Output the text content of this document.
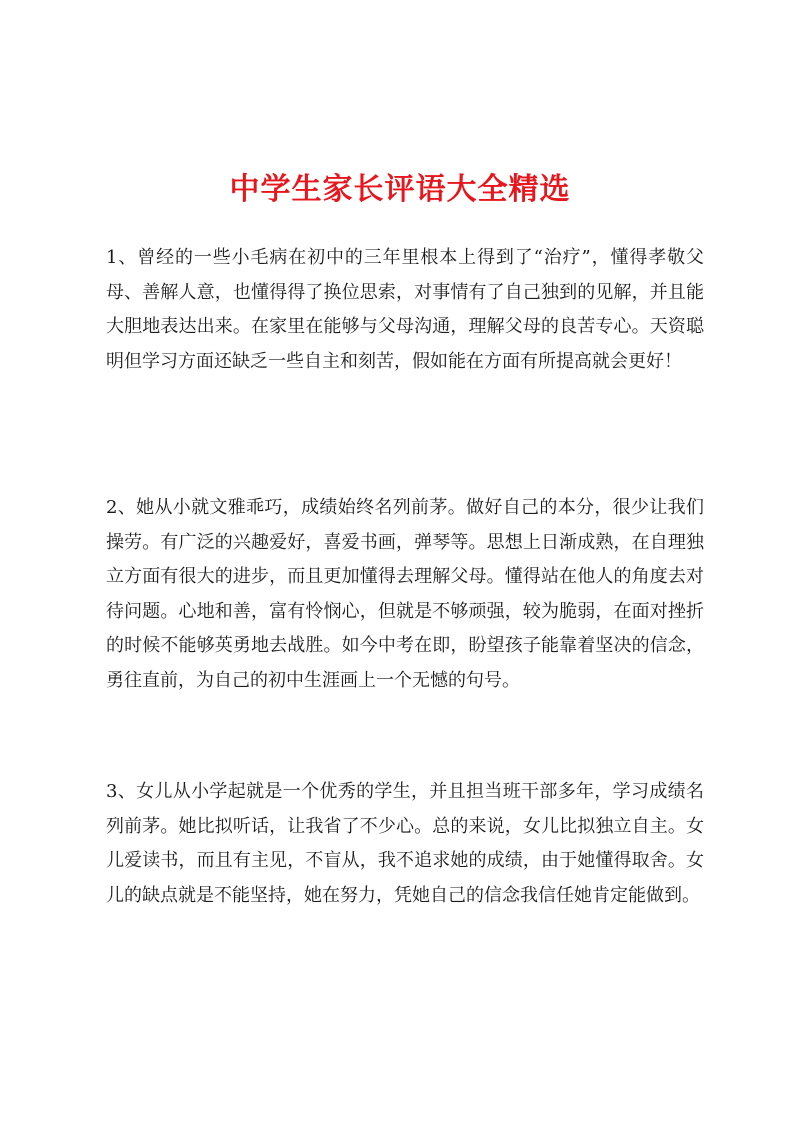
中学生家长评语大全精选

1、曾经的一些小毛病在初中的三年里根本上得到了“治疗”，懂得孝敬父母、善解人意，也懂得得了换位思索，对事情有了自己独到的见解，并且能大胆地表达出来。在家里在能够与父母沟通，理解父母的良苦专心。天资聪明但学习方面还缺乏一些自主和刻苦，假如能在方面有所提高就会更好！

2、她从小就文雅乖巧，成绩始终名列前茅。做好自己的本分，很少让我们操劳。有广泛的兴趣爱好，喜爱书画，弹琴等。思想上日渐成熟，在自理独立方面有很大的进步，而且更加懂得去理解父母。懂得站在他人的角度去对待问题。心地和善，富有怜悯心，但就是不够顽强，较为脆弱，在面对挫折的时候不能够英勇地去战胜。如今中考在即，盼望孩子能靠着坚决的信念，勇往直前，为自己的初中生涯画上一个无憾的句号。

3、女儿从小学起就是一个优秀的学生，并且担当班干部多年，学习成绩名列前茅。她比拟听话，让我省了不少心。总的来说，女儿比拟独立自主。女儿爱读书，而且有主见，不盲从，我不追求她的成绩，由于她懂得取舍。女儿的缺点就是不能坚持，她在努力，凭她自己的信念我信任她肯定能做到。
